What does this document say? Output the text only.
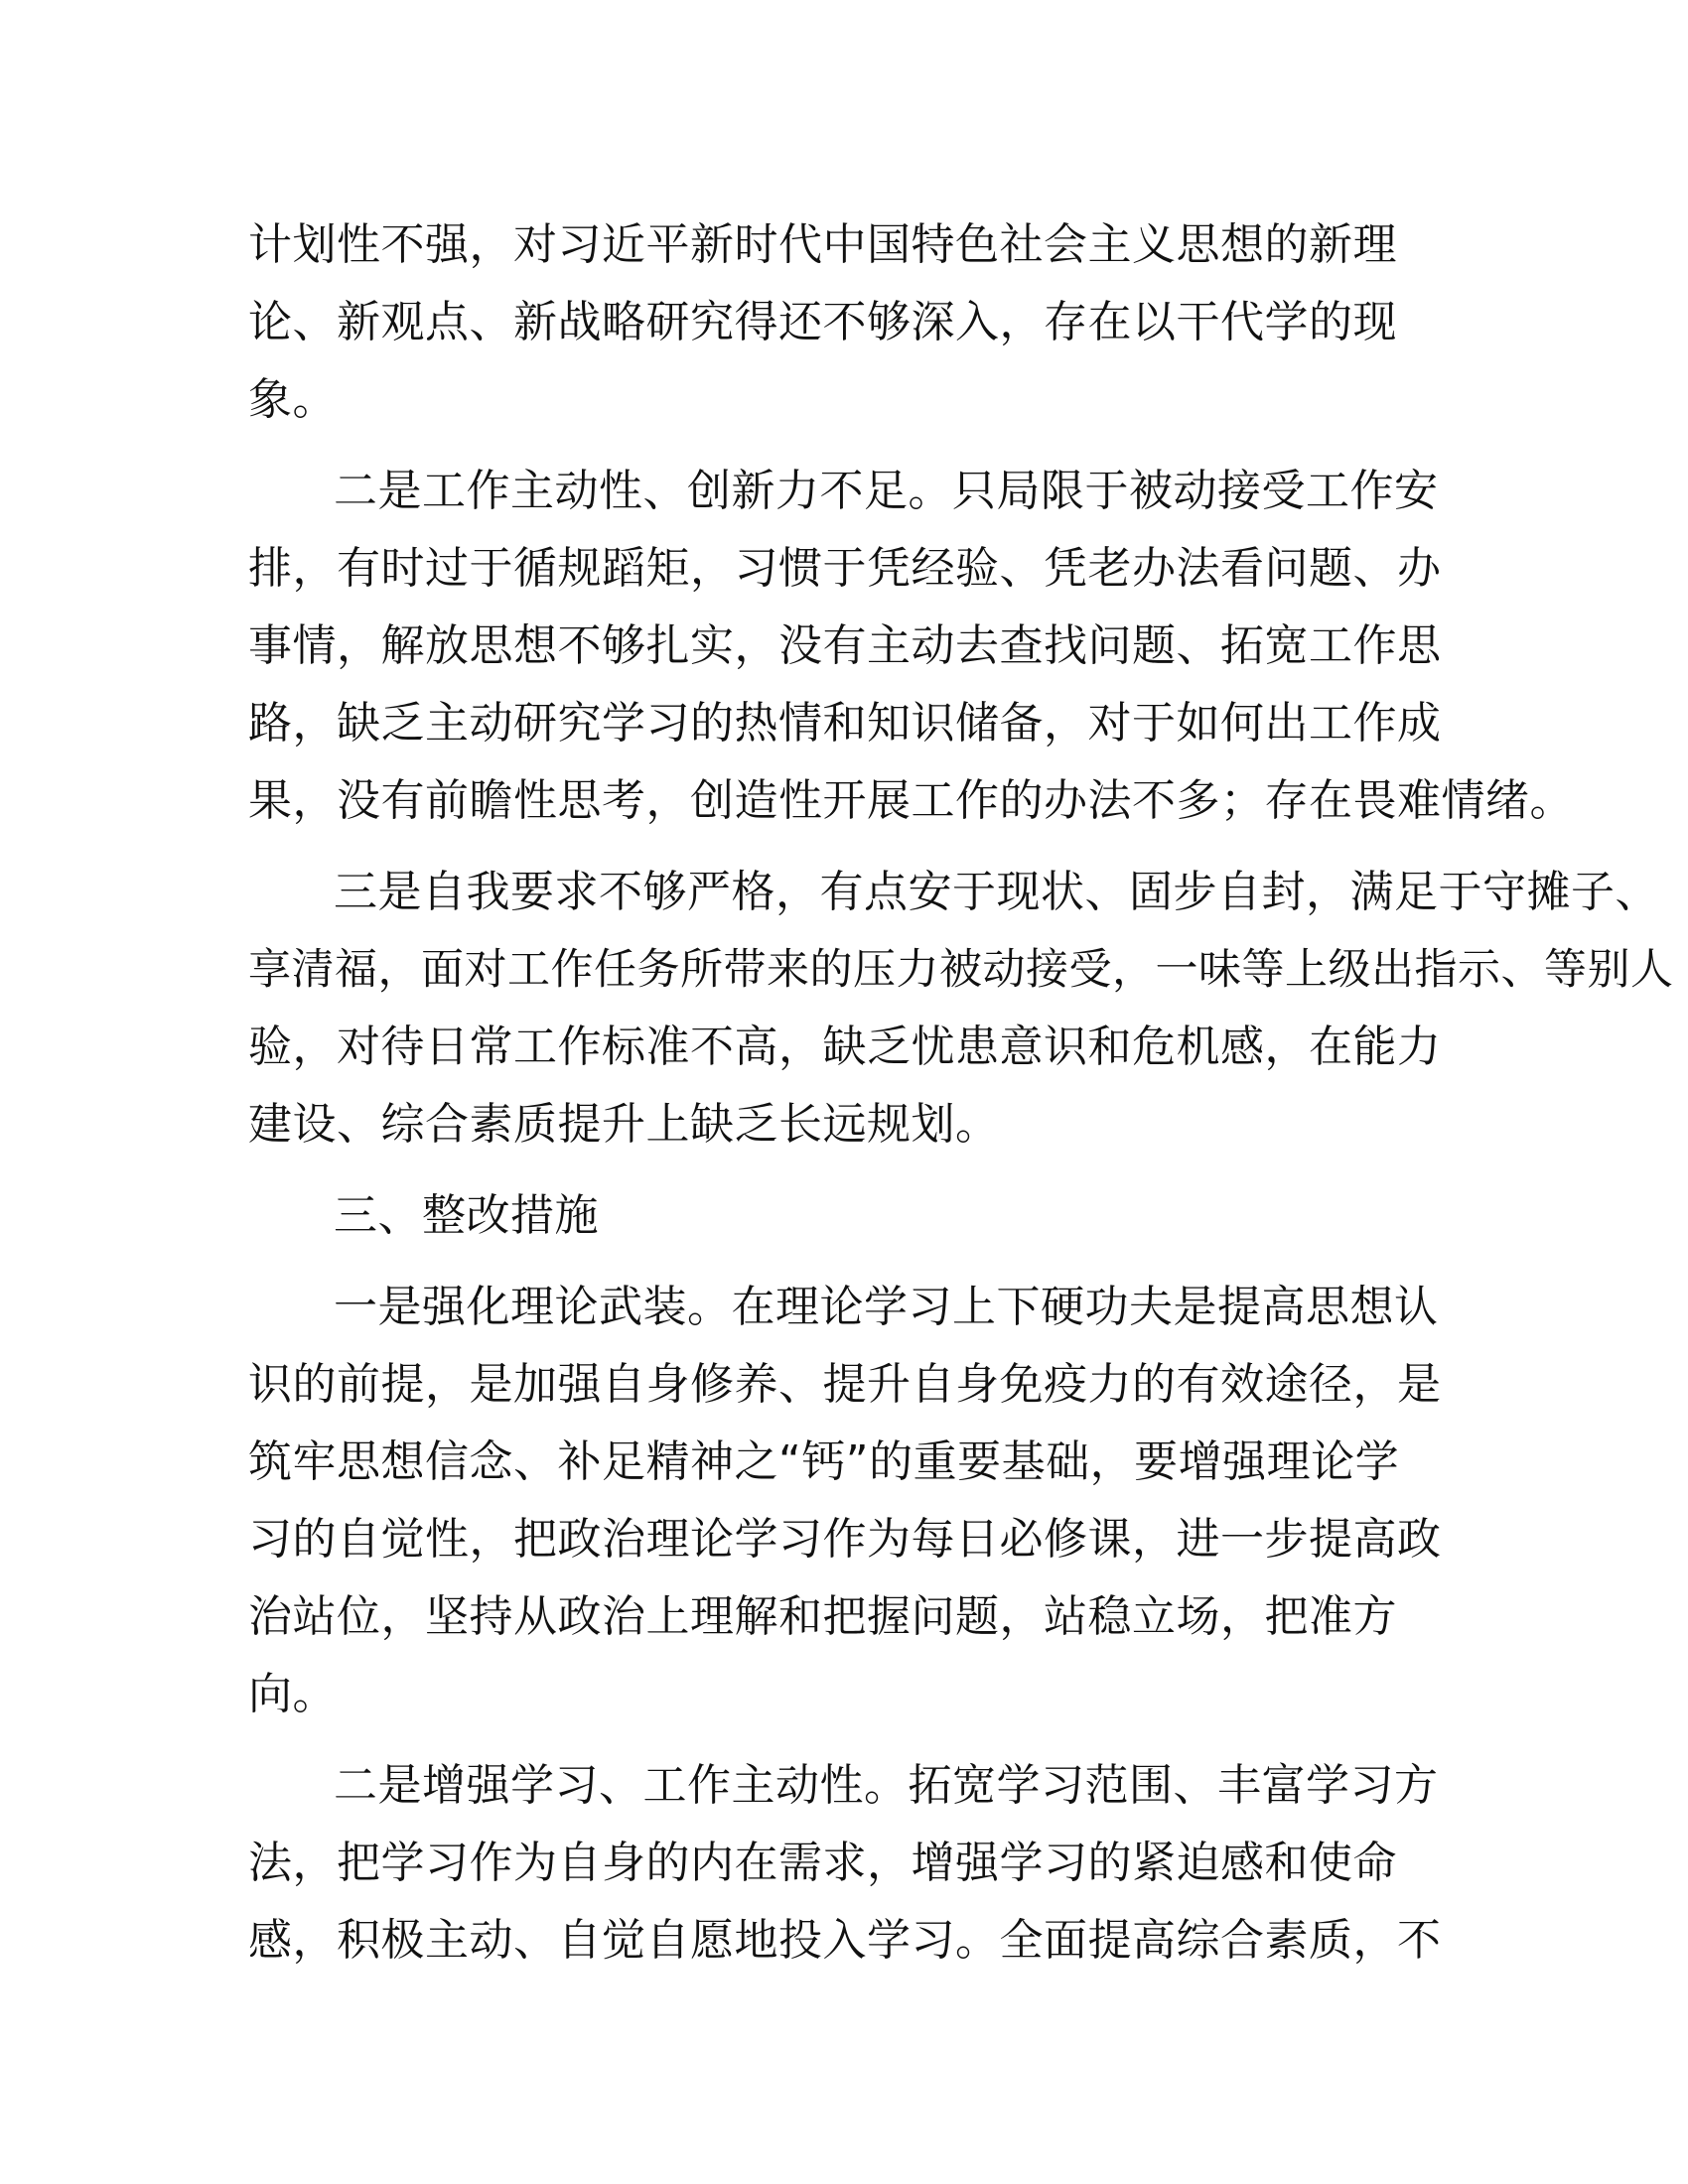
计划性不强，对习近平新时代中国特色社会主义思想的新理

论、新观点、新战略研究得还不够深入，存在以干代学的现

象。

二是工作主动性、创新力不足。只局限于被动接受工作安

排，有时过于循规蹈矩，习惯于凭经验、凭老办法看问题、办

事情，解放思想不够扎实，没有主动去查找问题、拓宽工作思

路，缺乏主动研究学习的热情和知识储备，对于如何出工作成

果，没有前瞻性思考，创造性开展工作的办法不多；存在畏难情绪。

三是自我要求不够严格，有点安于现状、固步自封，满足于守摊子、

享清福，面对工作任务所带来的压力被动接受，一味等上级出指示、等别人

验，对待日常工作标准不高，缺乏忧患意识和危机感，在能力

建设、综合素质提升上缺乏长远规划。

三、整改措施

一是强化理论武装。在理论学习上下硬功夫是提高思想认

识的前提，是加强自身修养、提升自身免疫力的有效途径，是

筑牢思想信念、补足精神之“钙”的重要基础，要增强理论学

习的自觉性，把政治理论学习作为每日必修课，进一步提高政

治站位，坚持从政治上理解和把握问题，站稳立场，把准方

向。

二是增强学习、工作主动性。拓宽学习范围、丰富学习方

法，把学习作为自身的内在需求，增强学习的紧迫感和使命

感，积极主动、自觉自愿地投入学习。全面提高综合素质，不
